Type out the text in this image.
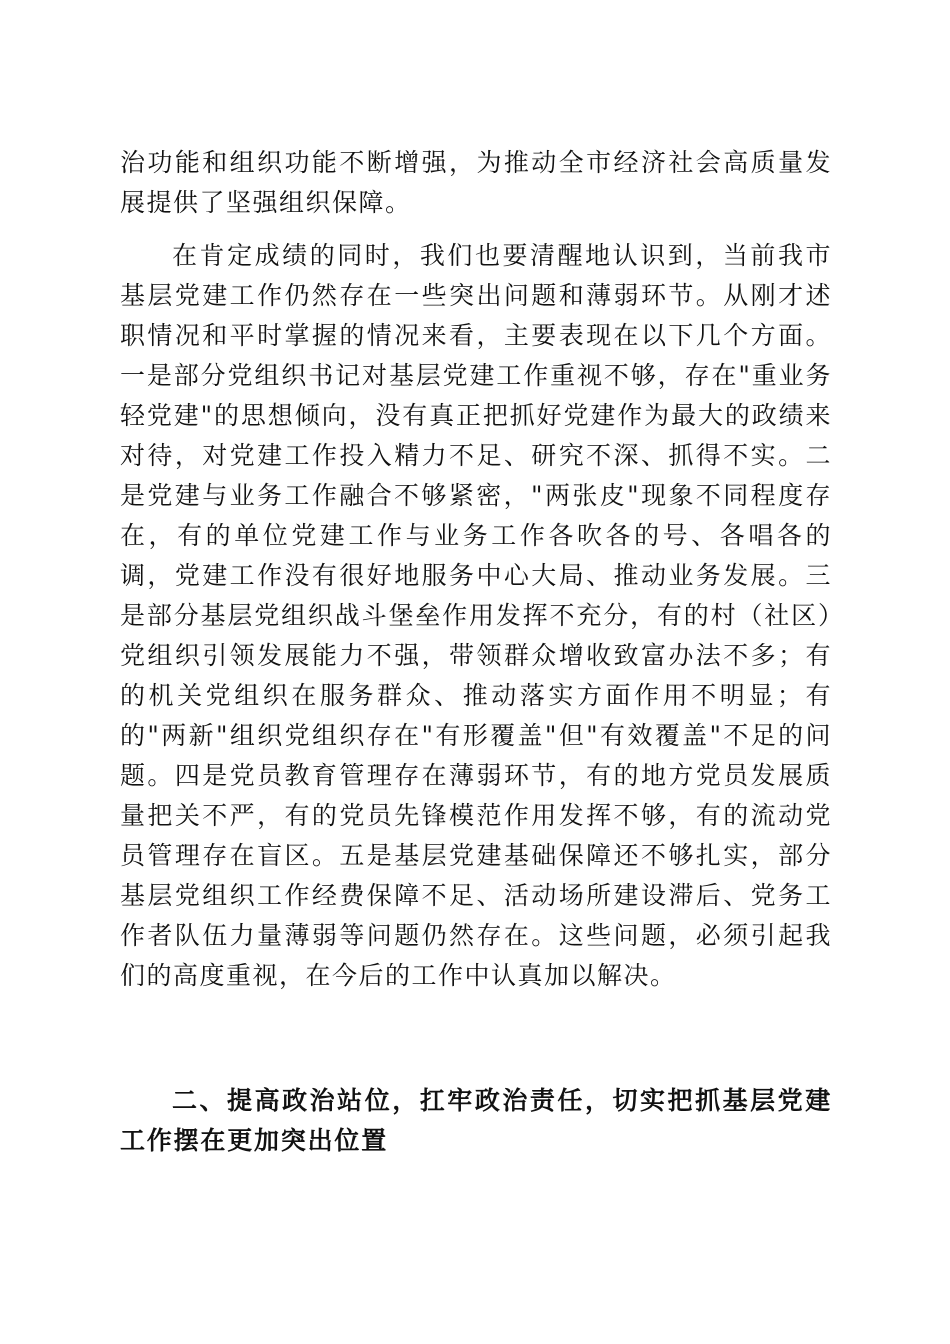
治功能和组织功能不断增强，为推动全市经济社会高质量发展提供了坚强组织保障。

在肯定成绩的同时，我们也要清醒地认识到，当前我市基层党建工作仍然存在一些突出问题和薄弱环节。从刚才述职情况和平时掌握的情况来看，主要表现在以下几个方面。一是部分党组织书记对基层党建工作重视不够，存在"重业务轻党建"的思想倾向，没有真正把抓好党建作为最大的政绩来对待，对党建工作投入精力不足、研究不深、抓得不实。二是党建与业务工作融合不够紧密，"两张皮"现象不同程度存在，有的单位党建工作与业务工作各吹各的号、各唱各的调，党建工作没有很好地服务中心大局、推动业务发展。三是部分基层党组织战斗堡垒作用发挥不充分，有的村（社区）党组织引领发展能力不强，带领群众增收致富办法不多；有的机关党组织在服务群众、推动落实方面作用不明显；有的"两新"组织党组织存在"有形覆盖"但"有效覆盖"不足的问题。四是党员教育管理存在薄弱环节，有的地方党员发展质量把关不严，有的党员先锋模范作用发挥不够，有的流动党员管理存在盲区。五是基层党建基础保障还不够扎实，部分基层党组织工作经费保障不足、活动场所建设滞后、党务工作者队伍力量薄弱等问题仍然存在。这些问题，必须引起我们的高度重视，在今后的工作中认真加以解决。

二、提高政治站位，扛牢政治责任，切实把抓基层党建工作摆在更加突出位置
